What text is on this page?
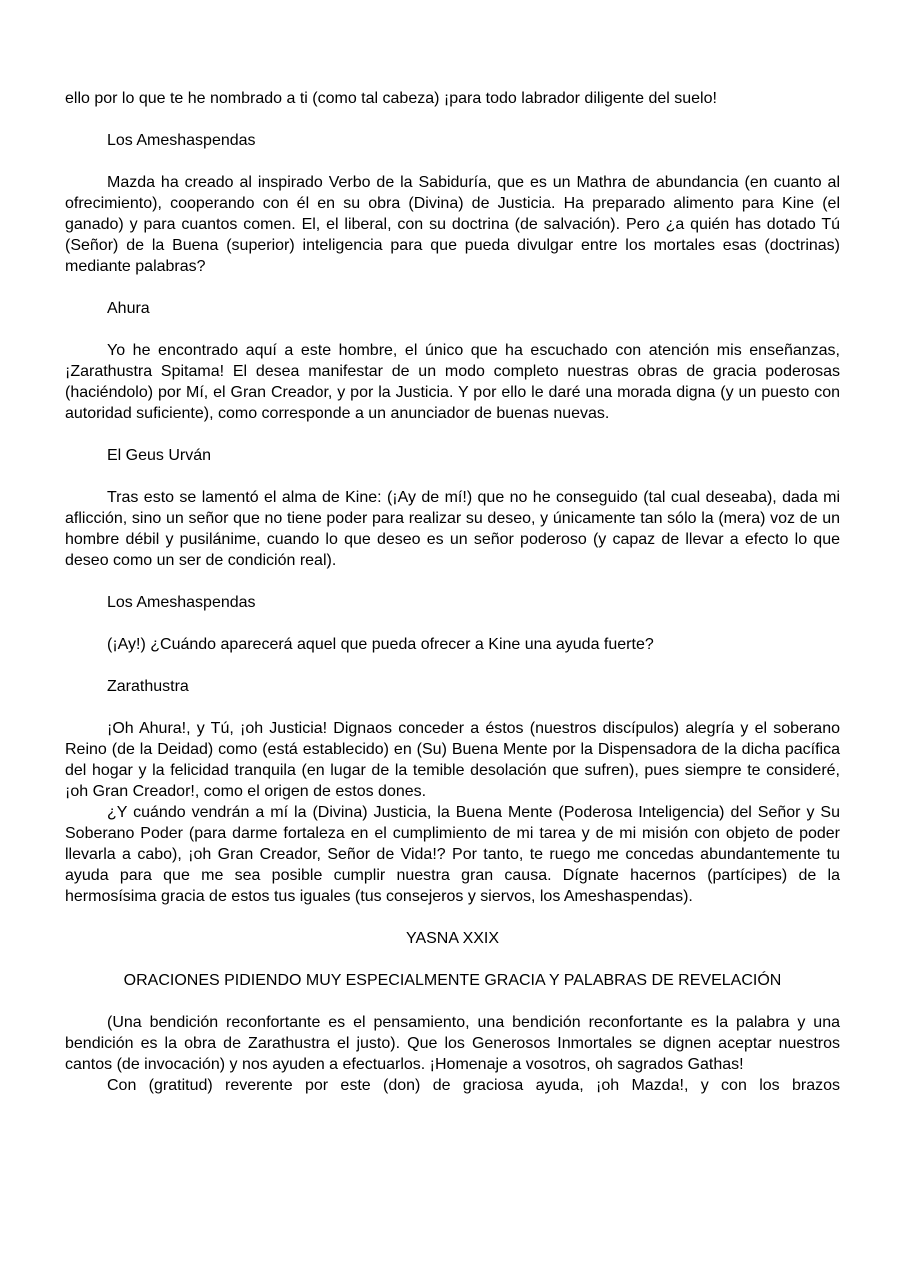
ello por lo que te he nombrado a ti (como tal cabeza) ¡para todo labrador diligente del suelo!

Los Ameshaspendas

Mazda ha creado al inspirado Verbo de la Sabiduría, que es un Mathra de abundancia (en cuanto al ofrecimiento), cooperando con él en su obra (Divina) de Justicia. Ha preparado alimento para Kine (el ganado) y para cuantos comen. El, el liberal, con su doctrina (de salvación). Pero ¿a quién has dotado Tú (Señor) de la Buena (superior) inteligencia para que pueda divulgar entre los mortales esas (doctrinas) mediante palabras?

Ahura

Yo he encontrado aquí a este hombre, el único que ha escuchado con atención mis enseñanzas, ¡Zarathustra Spitama! El desea manifestar de un modo completo nuestras obras de gracia poderosas (haciéndolo) por Mí, el Gran Creador, y por la Justicia. Y por ello le daré una morada digna (y un puesto con autoridad suficiente), como corresponde a un anunciador de buenas nuevas.

El Geus Urván

Tras esto se lamentó el alma de Kine: (¡Ay de mí!) que no he conseguido (tal cual deseaba), dada mi aflicción, sino un señor que no tiene poder para realizar su deseo, y únicamente tan sólo la (mera) voz de un hombre débil y pusilánime, cuando lo que deseo es un señor poderoso (y capaz de llevar a efecto lo que deseo como un ser de condición real).

Los Ameshaspendas

(¡Ay!) ¿Cuándo aparecerá aquel que pueda ofrecer a Kine una ayuda fuerte?

Zarathustra

¡Oh Ahura!, y Tú, ¡oh Justicia! Dignaos conceder a éstos (nuestros discípulos) alegría y el soberano Reino (de la Deidad) como (está establecido) en (Su) Buena Mente por la Dispensadora de la dicha pacífica del hogar y la felicidad tranquila (en lugar de la temible desolación que sufren), pues siempre te consideré, ¡oh Gran Creador!, como el origen de estos dones.

¿Y cuándo vendrán a mí la (Divina) Justicia, la Buena Mente (Poderosa Inteligencia) del Señor y Su Soberano Poder (para darme fortaleza en el cumplimiento de mi tarea y de mi misión con objeto de poder llevarla a cabo), ¡oh Gran Creador, Señor de Vida!? Por tanto, te ruego me concedas abundantemente tu ayuda para que me sea posible cumplir nuestra gran causa. Dígnate hacernos (partícipes) de la hermosísima gracia de estos tus iguales (tus consejeros y siervos, los Ameshaspendas).

YASNA XXIX

ORACIONES PIDIENDO MUY ESPECIALMENTE GRACIA Y PALABRAS DE REVELACIÓN

(Una bendición reconfortante es el pensamiento, una bendición reconfortante es la palabra y una bendición es la obra de Zarathustra el justo). Que los Generosos Inmortales se dignen aceptar nuestros cantos (de invocación) y nos ayuden a efectuarlos. ¡Homenaje a vosotros, oh sagrados Gathas!

Con (gratitud) reverente por este (don) de graciosa ayuda, ¡oh Mazda!, y con los brazos
